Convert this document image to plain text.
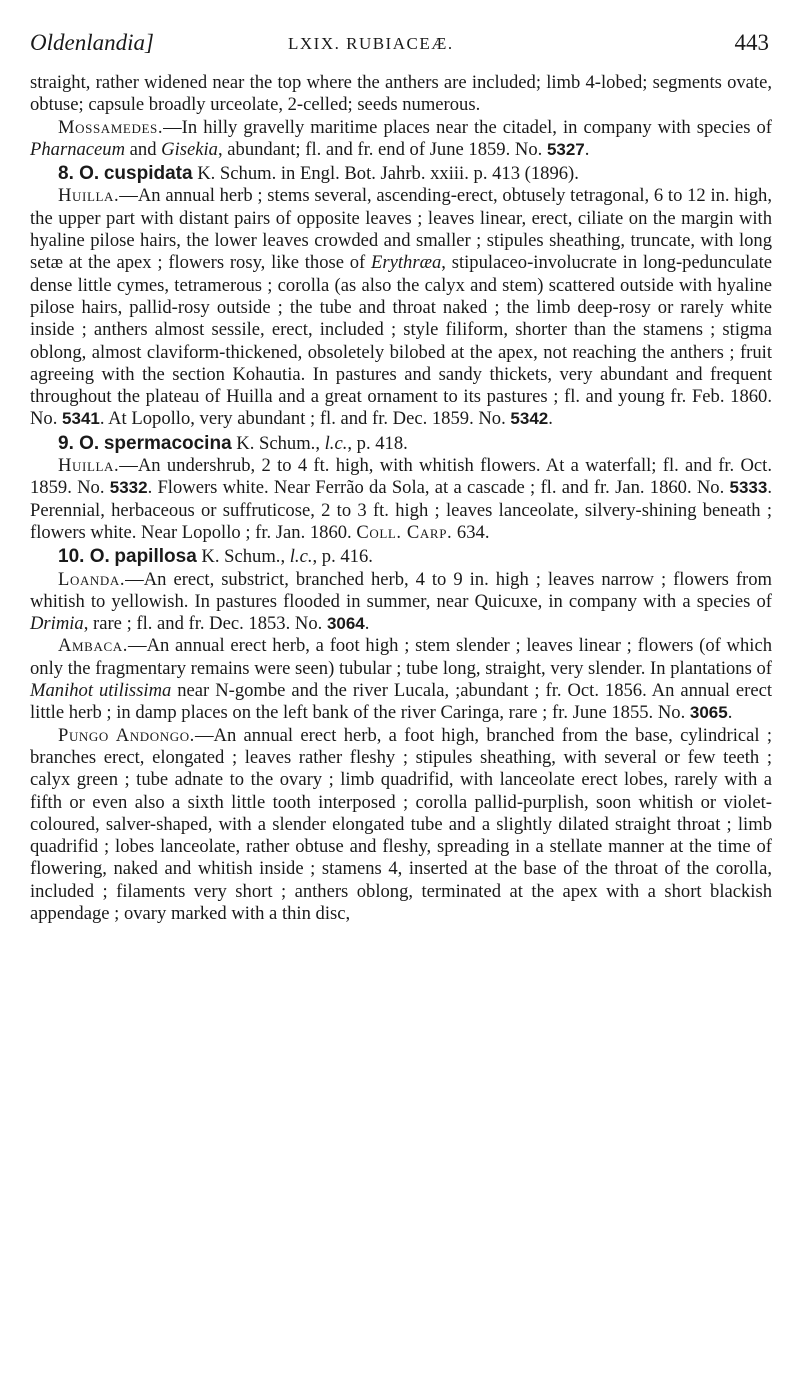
Oldenlandia]	LXIX. RUBIACEÆ.	443

straight, rather widened near the top where the anthers are included; limb 4-lobed; segments ovate, obtuse; capsule broadly urceolate, 2-celled; seeds numerous.

Mossamedes.—In hilly gravelly maritime places near the citadel, in company with species of Pharnaceum and Gisekia, abundant; fl. and fr. end of June 1859. No. 5327.

8. O. cuspidata K. Schum. in Engl. Bot. Jahrb. xxiii. p. 413 (1896).

Huilla.—An annual herb ; stems several, ascending-erect, obtusely tetragonal, 6 to 12 in. high, the upper part with distant pairs of opposite leaves ; leaves linear, erect, ciliate on the margin with hyaline pilose hairs, the lower leaves crowded and smaller ; stipules sheathing, truncate, with long setæ at the apex ; flowers rosy, like those of Erythræa, stipulaceo-involucrate in long-pedunculate dense little cymes, tetramerous ; corolla (as also the calyx and stem) scattered outside with hyaline pilose hairs, pallid-rosy outside ; the tube and throat naked ; the limb deep-rosy or rarely white inside ; anthers almost sessile, erect, included ; style filiform, shorter than the stamens ; stigma oblong, almost claviform-thickened, obsoletely bilobed at the apex, not reaching the anthers ; fruit agreeing with the section Kohautia. In pastures and sandy thickets, very abundant and frequent throughout the plateau of Huilla and a great ornament to its pastures ; fl. and young fr. Feb. 1860. No. 5341. At Lopollo, very abundant ; fl. and fr. Dec. 1859. No. 5342.

9. O. spermacocina K. Schum., l.c., p. 418.

Huilla.—An undershrub, 2 to 4 ft. high, with whitish flowers. At a waterfall; fl. and fr. Oct. 1859. No. 5332. Flowers white. Near Ferrão da Sola, at a cascade ; fl. and fr. Jan. 1860. No. 5333. Perennial, herbaceous or suffruticose, 2 to 3 ft. high ; leaves lanceolate, silvery-shining beneath ; flowers white. Near Lopollo ; fr. Jan. 1860. Coll. Carp. 634.

10. O. papillosa K. Schum., l.c., p. 416.

Loanda.—An erect, substrict, branched herb, 4 to 9 in. high ; leaves narrow ; flowers from whitish to yellowish. In pastures flooded in summer, near Quicuxe, in company with a species of Drimia, rare ; fl. and fr. Dec. 1853. No. 3064.

Ambaca.—An annual erect herb, a foot high ; stem slender ; leaves linear ; flowers (of which only the fragmentary remains were seen) tubular ; tube long, straight, very slender. In plantations of Manihot utilissima near N-gombe and the river Lucala, ;abundant ; fr. Oct. 1856. An annual erect little herb ; in damp places on the left bank of the river Caringa, rare ; fr. June 1855. No. 3065.

Pungo Andongo.—An annual erect herb, a foot high, branched from the base, cylindrical ; branches erect, elongated ; leaves rather fleshy ; stipules sheathing, with several or few teeth ; calyx green ; tube adnate to the ovary ; limb quadrifid, with lanceolate erect lobes, rarely with a fifth or even also a sixth little tooth interposed ; corolla pallid-purplish, soon whitish or violet-coloured, salver-shaped, with a slender elongated tube and a slightly dilated straight throat ; limb quadrifid ; lobes lanceolate, rather obtuse and fleshy, spreading in a stellate manner at the time of flowering, naked and whitish inside ; stamens 4, inserted at the base of the throat of the corolla, included ; filaments very short ; anthers oblong, terminated at the apex with a short blackish appendage ; ovary marked with a thin disc,
